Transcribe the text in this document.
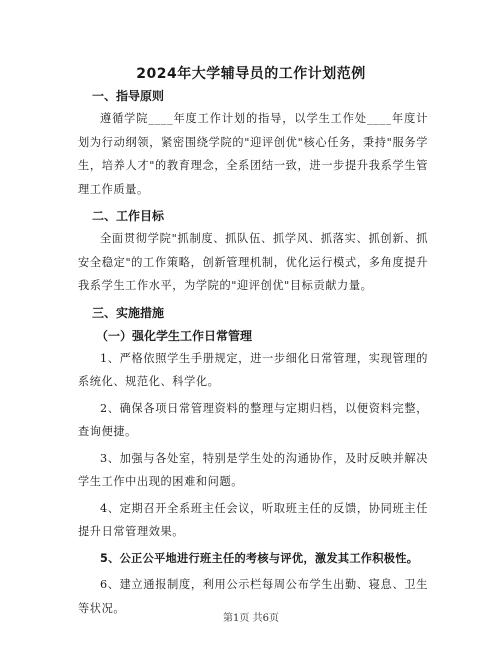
2024年大学辅导员的工作计划范例
一、指导原则

遵循学院____年度工作计划的指导，以学生工作处____年度计划为行动纲领，紧密围绕学院的"迎评创优"核心任务，秉持"服务学生，培养人才"的教育理念，全系团结一致，进一步提升我系学生管理工作质量。

二、工作目标

全面贯彻学院"抓制度、抓队伍、抓学风、抓落实、抓创新、抓安全稳定"的工作策略，创新管理机制，优化运行模式，多角度提升我系学生工作水平，为学院的"迎评创优"目标贡献力量。

三、实施措施
（一）强化学生工作日常管理

1、严格依照学生手册规定，进一步细化日常管理，实现管理的系统化、规范化、科学化。

2、确保各项日常管理资料的整理与定期归档，以便资料完整，查询便捷。

3、加强与各处室，特别是学生处的沟通协作，及时反映并解决学生工作中出现的困难和问题。

4、定期召开全系班主任会议，听取班主任的反馈，协同班主任提升日常管理效果。

5、公正公平地进行班主任的考核与评优，激发其工作积极性。

6、建立通报制度，利用公示栏每周公布学生出勤、寝息、卫生等状况。

第1页 共6页
